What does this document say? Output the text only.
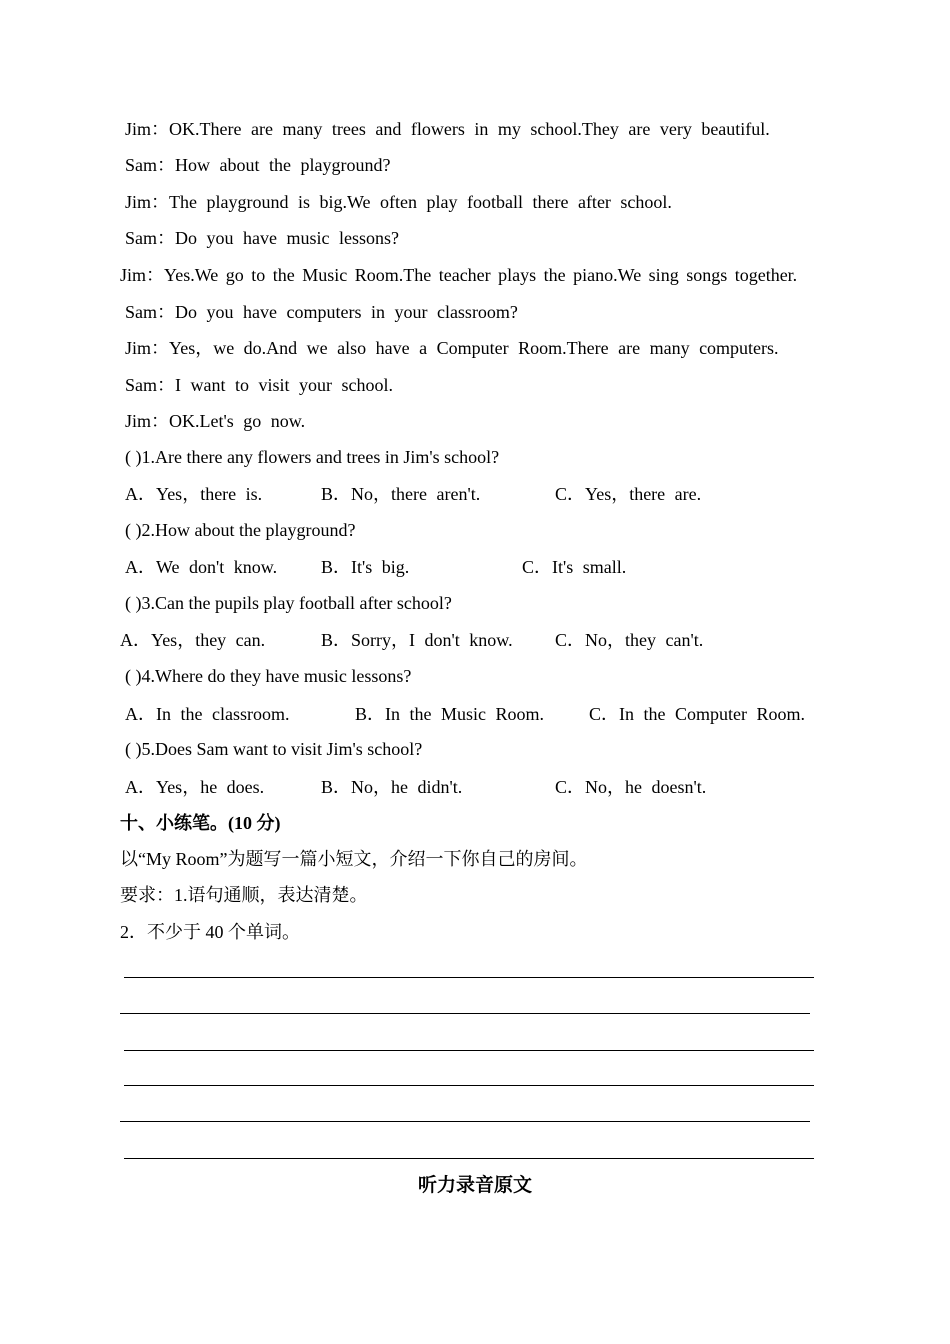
Jim：OK.There are many trees and flowers in my school.They are very beautiful.
Sam：How about the playground?
Jim：The playground is big.We often play football there after school.
Sam：Do you have music lessons?
Jim：Yes.We go to the Music Room.The teacher plays the piano.We sing songs together.
Sam：Do you have computers in your classroom?
Jim：Yes，we do.And we also have a Computer Room.There are many computers.
Sam：I want to visit your school.
Jim：OK.Let's go now.
( )1.Are there any flowers and trees in Jim's school?
A．Yes，there is.	B．No，there aren't.	C．Yes，there are.
( )2.How about the playground?
A．We don't know. B．It's big.	C．It's small.
( )3.Can the pupils play football after school?
A．Yes，they can.	B．Sorry，I don't know. C．No，they can't.
( )4.Where do they have music lessons?
A．In the classroom.	B．In the Music Room.	C．In the Computer Room.
( )5.Does Sam want to visit Jim's school?
A．Yes，he does.	B．No，he didn't.	C．No，he doesn't.
十、小练笔。(10 分)
以“My Room”为题写一篇小短文，介绍一下你自己的房间。
要求：1.语句通顺，表达清楚。
2．不少于 40 个单词。
听力录音原文
